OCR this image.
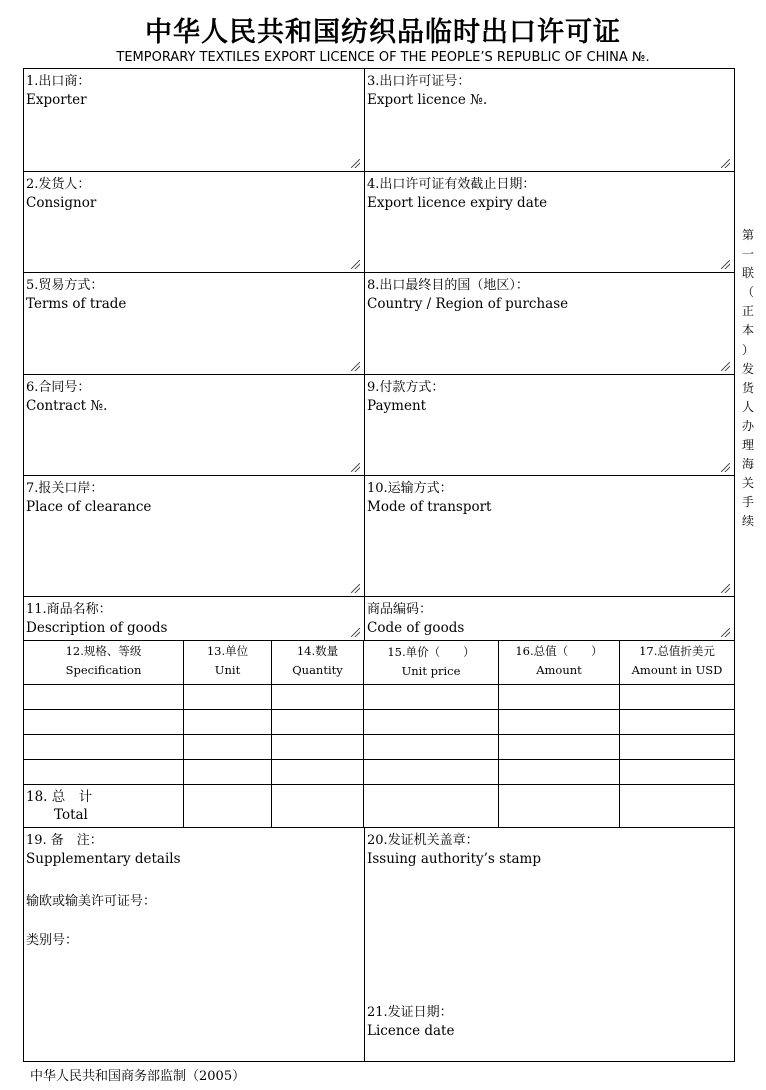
中华人民共和国纺织品临时出口许可证
TEMPORARY TEXTILES EXPORT LICENCE OF THE PEOPLE’S REPUBLIC OF CHINA №.
1.出口商：
Exporter
3.出口许可证号：
Export licence №.
2.发货人：
Consignor
4.出口许可证有效截止日期：
Export licence expiry date
5.贸易方式：
Terms of trade
8.出口最终目的国（地区）：
Country / Region of purchase
6.合同号：
Contract №.
9.付款方式：
Payment
7.报关口岸：
Place of clearance
10.运输方式：
Mode of transport
11.商品名称：
Description of goods
商品编码：
Code of goods
12.规格、等级
Specification
13.单位
Unit
14.数量
Quantity
15.单价（　　）
Unit price
16.总值（　　）
Amount
17.总值折美元
Amount in USD
18. 总　计
Total
19. 备　注：
Supplementary details
输欧或输美许可证号：
类别号：
20.发证机关盖章：
Issuing authority’s stamp
21.发证日期：
Licence date
第
一
联
（
正
本
）
发
货
人
办
理
海
关
手
续
中华人民共和国商务部监制（2005）
